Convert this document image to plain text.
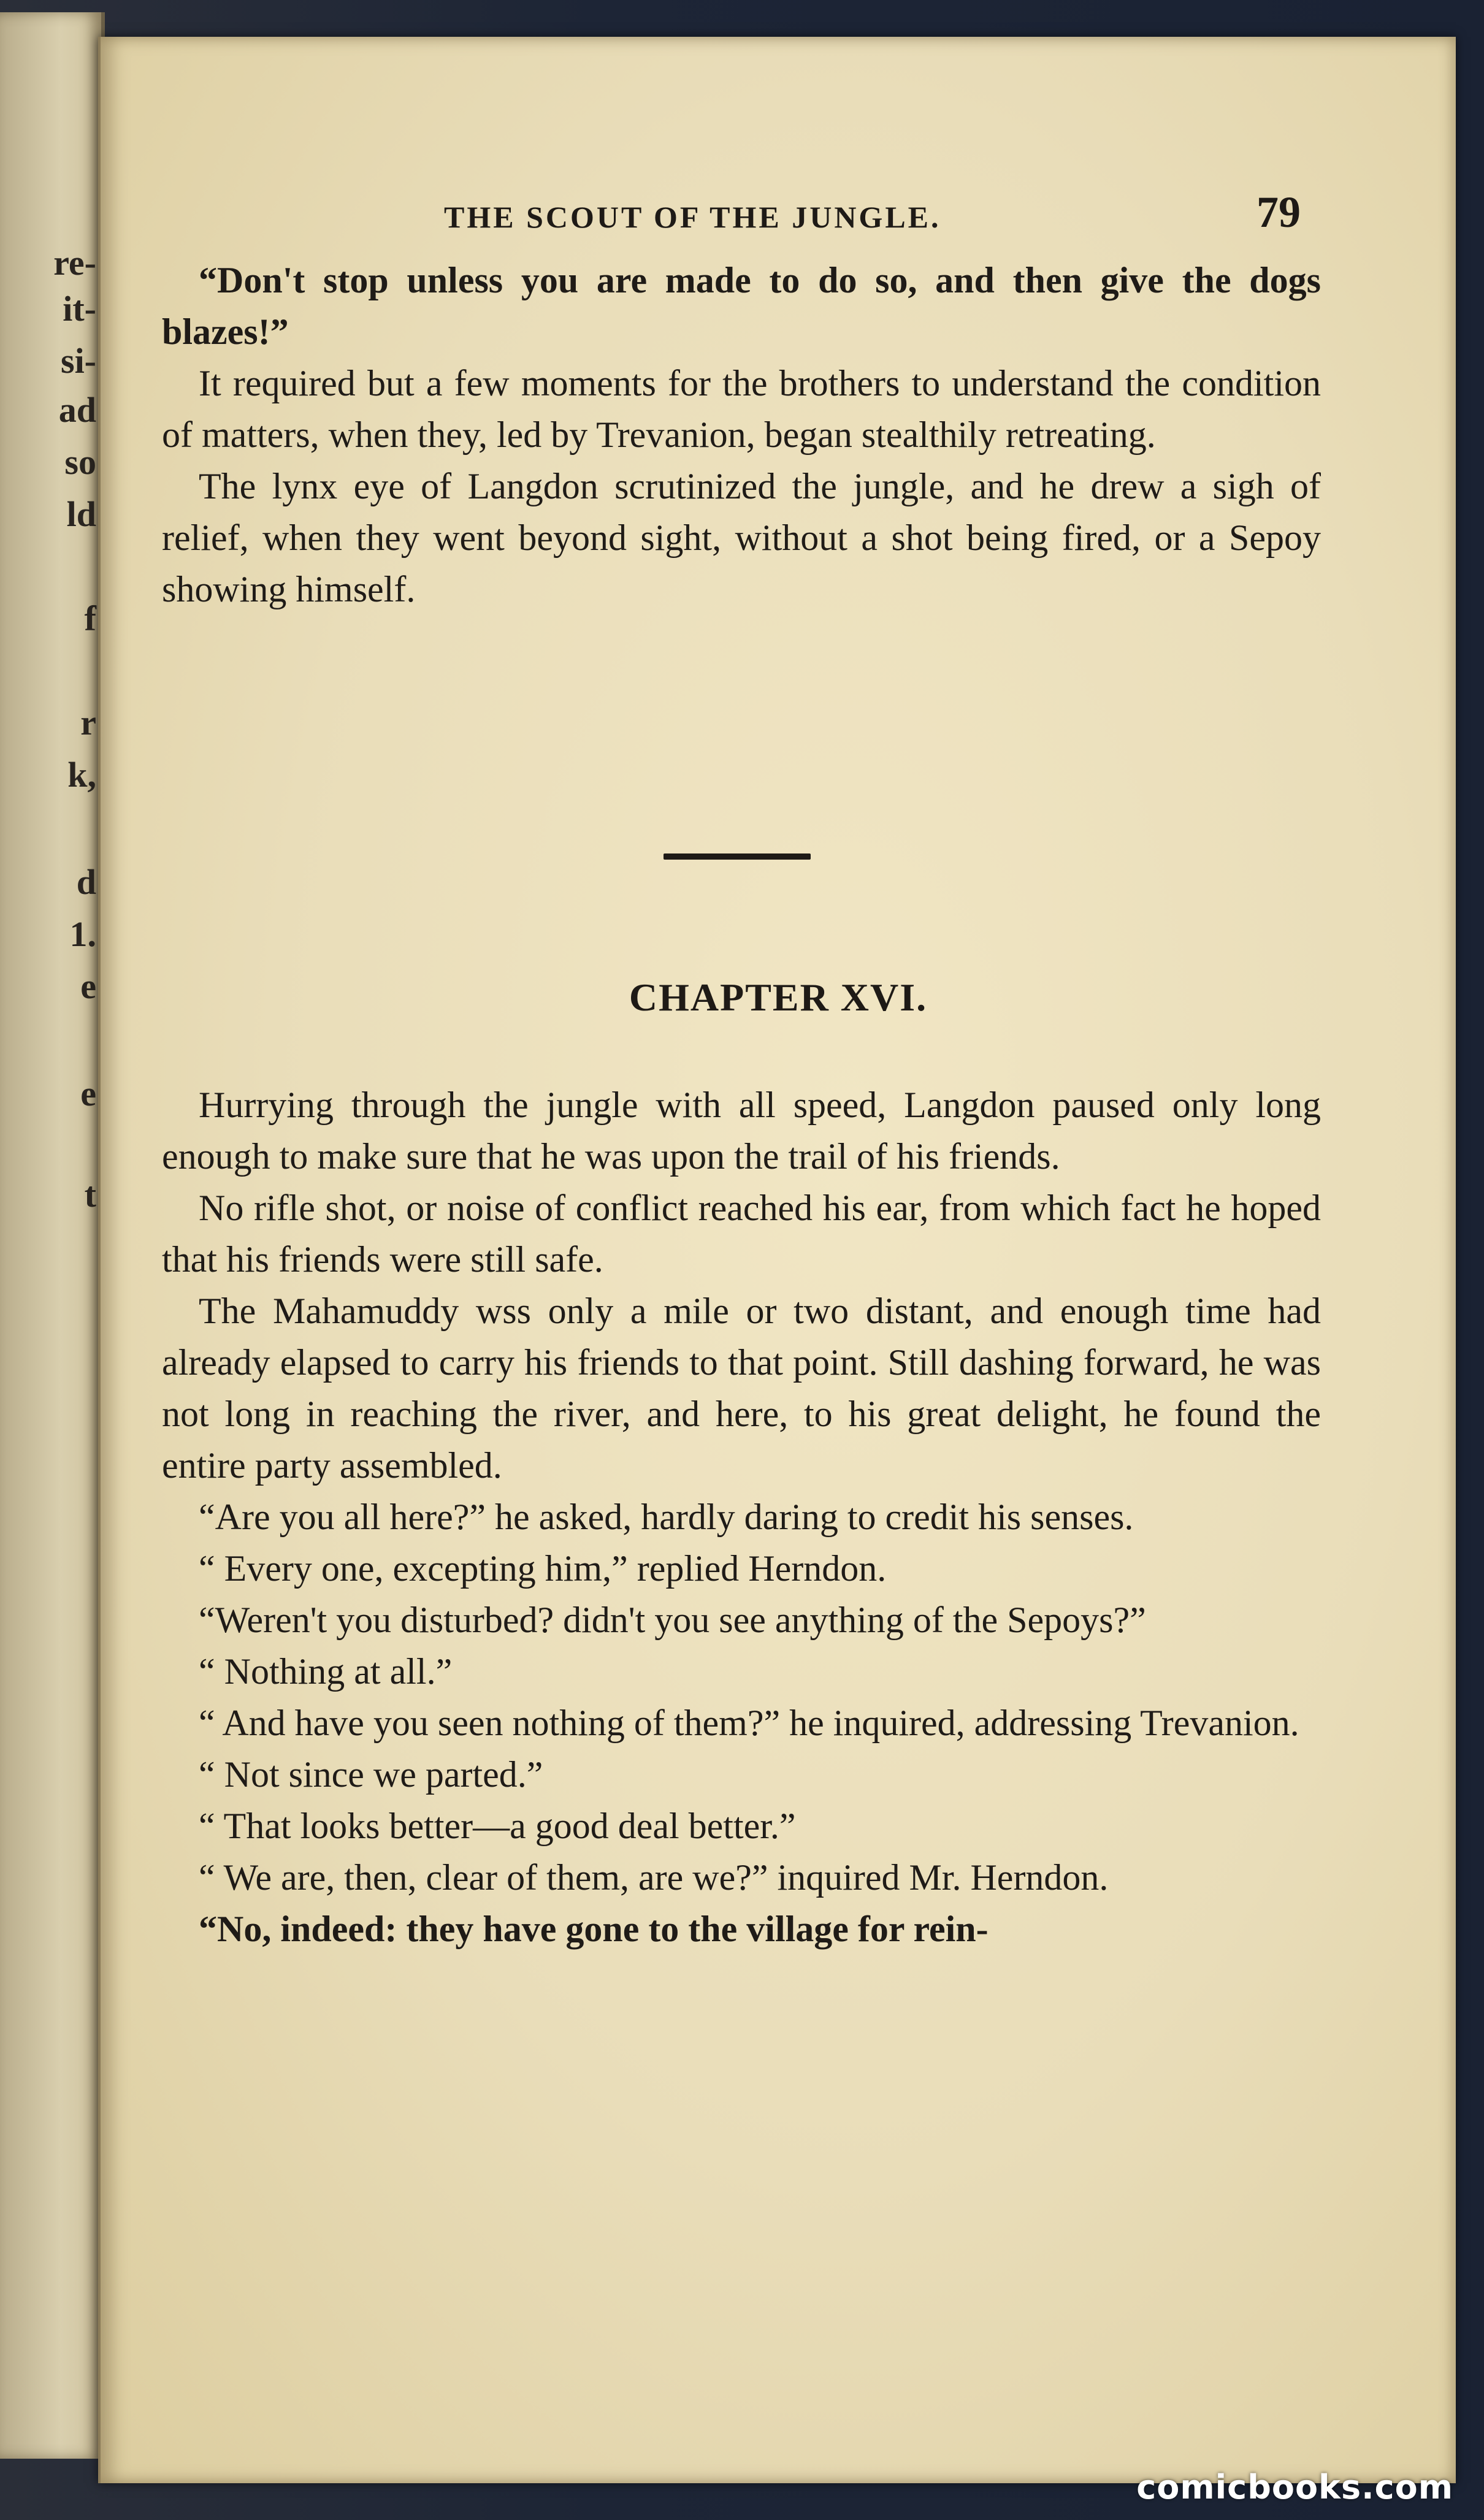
re-
it-
si-
ad
so
ld
f
r
k,
d
1.
e
e
t
THE SCOUT OF THE JUNGLE.	79

“Don't stop unless you are made to do so, and then give the dogs blazes!”

It required but a few moments for the brothers to understand the condition of matters, when they, led by Trevanion, began stealthily retreating.

The lynx eye of Langdon scrutinized the jungle, and he drew a sigh of relief, when they went beyond sight, without a shot being fired, or a Sepoy showing himself.

CHAPTER XVI.

Hurrying through the jungle with all speed, Langdon paused only long enough to make sure that he was upon the trail of his friends.

No rifle shot, or noise of conflict reached his ear, from which fact he hoped that his friends were still safe.

The Mahamuddy wss only a mile or two distant, and enough time had already elapsed to carry his friends to that point. Still dashing forward, he was not long in reaching the river, and here, to his great delight, he found the entire party assembled.

“Are you all here?” he asked, hardly daring to credit his senses.

“ Every one, excepting him,” replied Herndon.

“Weren't you disturbed? didn't you see anything of the Sepoys?”

“ Nothing at all.”

“ And have you seen nothing of them?” he inquired, addressing Trevanion.

“ Not since we parted.”

“ That looks better—a good deal better.”

“ We are, then, clear of them, are we?” inquired Mr. Herndon.

“No, indeed: they have gone to the village for rein-

comicbooks.com
